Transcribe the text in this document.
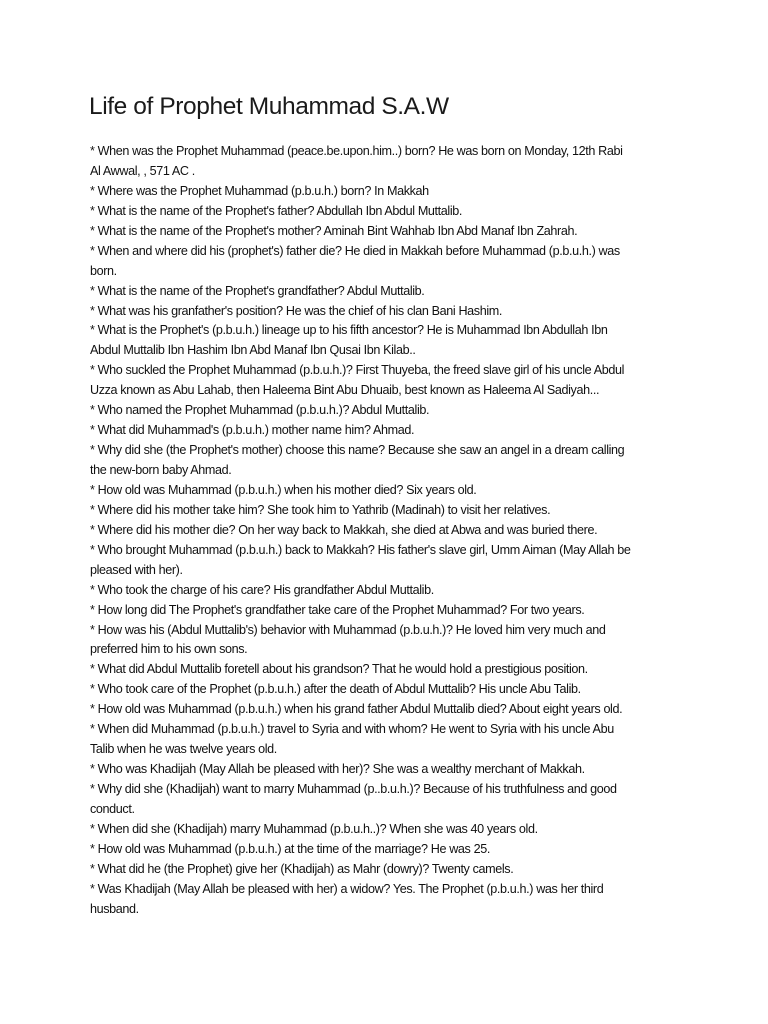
Life of Prophet Muhammad S.A.W
* When was the Prophet Muhammad (peace.be.upon.him..) born? He was born on Monday, 12th Rabi
Al Awwal, , 571 AC .
* Where was the Prophet Muhammad (p.b.u.h.) born? In Makkah
* What is the name of the Prophet's father? Abdullah Ibn Abdul Muttalib.
* What is the name of the Prophet's mother? Aminah Bint Wahhab Ibn Abd Manaf Ibn Zahrah.
* When and where did his (prophet's) father die? He died in Makkah before Muhammad (p.b.u.h.) was
born.
* What is the name of the Prophet's grandfather? Abdul Muttalib.
* What was his granfather's position? He was the chief of his clan Bani Hashim.
* What is the Prophet's (p.b.u.h.) lineage up to his fifth ancestor? He is Muhammad Ibn Abdullah Ibn
Abdul Muttalib Ibn Hashim Ibn Abd Manaf Ibn Qusai Ibn Kilab..
* Who suckled the Prophet Muhammad (p.b.u.h.)? First Thuyeba, the freed slave girl of his uncle Abdul
Uzza known as Abu Lahab, then Haleema Bint Abu Dhuaib, best known as Haleema Al Sadiyah...
* Who named the Prophet Muhammad (p.b.u.h.)? Abdul Muttalib.
* What did Muhammad's (p.b.u.h.) mother name him? Ahmad.
* Why did she (the Prophet's mother) choose this name? Because she saw an angel in a dream calling
the new-born baby Ahmad.
* How old was Muhammad (p.b.u.h.) when his mother died? Six years old.
* Where did his mother take him? She took him to Yathrib (Madinah) to visit her relatives.
* Where did his mother die? On her way back to Makkah, she died at Abwa and was buried there.
* Who brought Muhammad (p.b.u.h.) back to Makkah? His father's slave girl, Umm Aiman (May Allah be
pleased with her).
* Who took the charge of his care? His grandfather Abdul Muttalib.
* How long did The Prophet's grandfather take care of the Prophet Muhammad? For two years.
* How was his (Abdul Muttalib's) behavior with Muhammad (p.b.u.h.)? He loved him very much and
preferred him to his own sons.
* What did Abdul Muttalib foretell about his grandson? That he would hold a prestigious position.
* Who took care of the Prophet (p.b.u.h.) after the death of Abdul Muttalib? His uncle Abu Talib.
* How old was Muhammad (p.b.u.h.) when his grand father Abdul Muttalib died? About eight years old.
* When did Muhammad (p.b.u.h.) travel to Syria and with whom? He went to Syria with his uncle Abu
Talib when he was twelve years old.
* Who was Khadijah (May Allah be pleased with her)? She was a wealthy merchant of Makkah.
* Why did she (Khadijah) want to marry Muhammad (p..b.u.h.)? Because of his truthfulness and good
conduct.
* When did she (Khadijah) marry Muhammad (p.b.u.h..)? When she was 40 years old.
* How old was Muhammad (p.b.u.h.) at the time of the marriage? He was 25.
* What did he (the Prophet) give her (Khadijah) as Mahr (dowry)? Twenty camels.
* Was Khadijah (May Allah be pleased with her) a widow? Yes. The Prophet (p.b.u.h.) was her third
husband.
